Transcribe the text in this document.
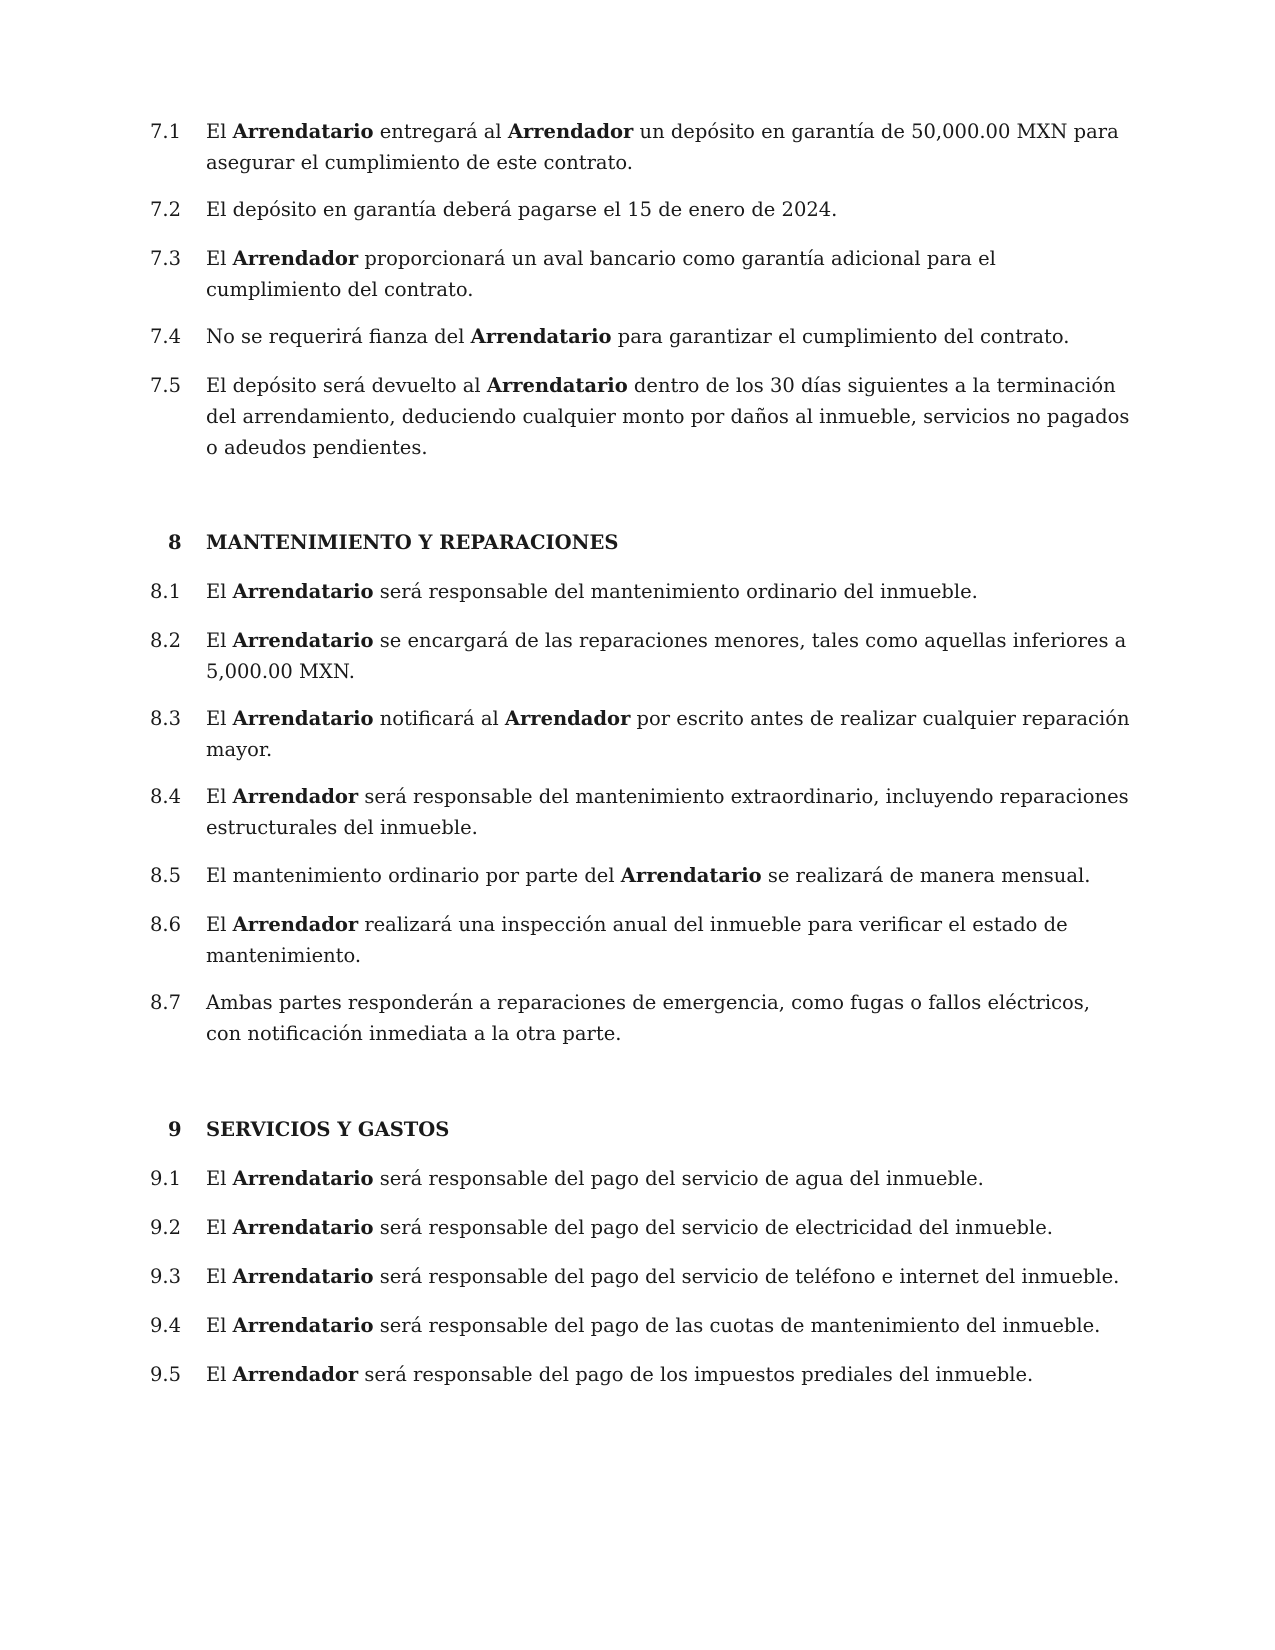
7.1	El Arrendatario entregará al Arrendador un depósito en garantía de 50,000.00 MXN para asegurar el cumplimiento de este contrato.
7.2	El depósito en garantía deberá pagarse el 15 de enero de 2024.
7.3	El Arrendador proporcionará un aval bancario como garantía adicional para el cumplimiento del contrato.
7.4	No se requerirá fianza del Arrendatario para garantizar el cumplimiento del contrato.
7.5	El depósito será devuelto al Arrendatario dentro de los 30 días siguientes a la terminación del arrendamiento, deduciendo cualquier monto por daños al inmueble, servicios no pagados o adeudos pendientes.
8 MANTENIMIENTO Y REPARACIONES
8.1	El Arrendatario será responsable del mantenimiento ordinario del inmueble.
8.2	El Arrendatario se encargará de las reparaciones menores, tales como aquellas inferiores a 5,000.00 MXN.
8.3	El Arrendatario notificará al Arrendador por escrito antes de realizar cualquier reparación mayor.
8.4	El Arrendador será responsable del mantenimiento extraordinario, incluyendo reparaciones estructurales del inmueble.
8.5	El mantenimiento ordinario por parte del Arrendatario se realizará de manera mensual.
8.6	El Arrendador realizará una inspección anual del inmueble para verificar el estado de mantenimiento.
8.7	Ambas partes responderán a reparaciones de emergencia, como fugas o fallos eléctricos, con notificación inmediata a la otra parte.
9 SERVICIOS Y GASTOS
9.1	El Arrendatario será responsable del pago del servicio de agua del inmueble.
9.2	El Arrendatario será responsable del pago del servicio de electricidad del inmueble.
9.3	El Arrendatario será responsable del pago del servicio de teléfono e internet del inmueble.
9.4	El Arrendatario será responsable del pago de las cuotas de mantenimiento del inmueble.
9.5	El Arrendador será responsable del pago de los impuestos prediales del inmueble.
